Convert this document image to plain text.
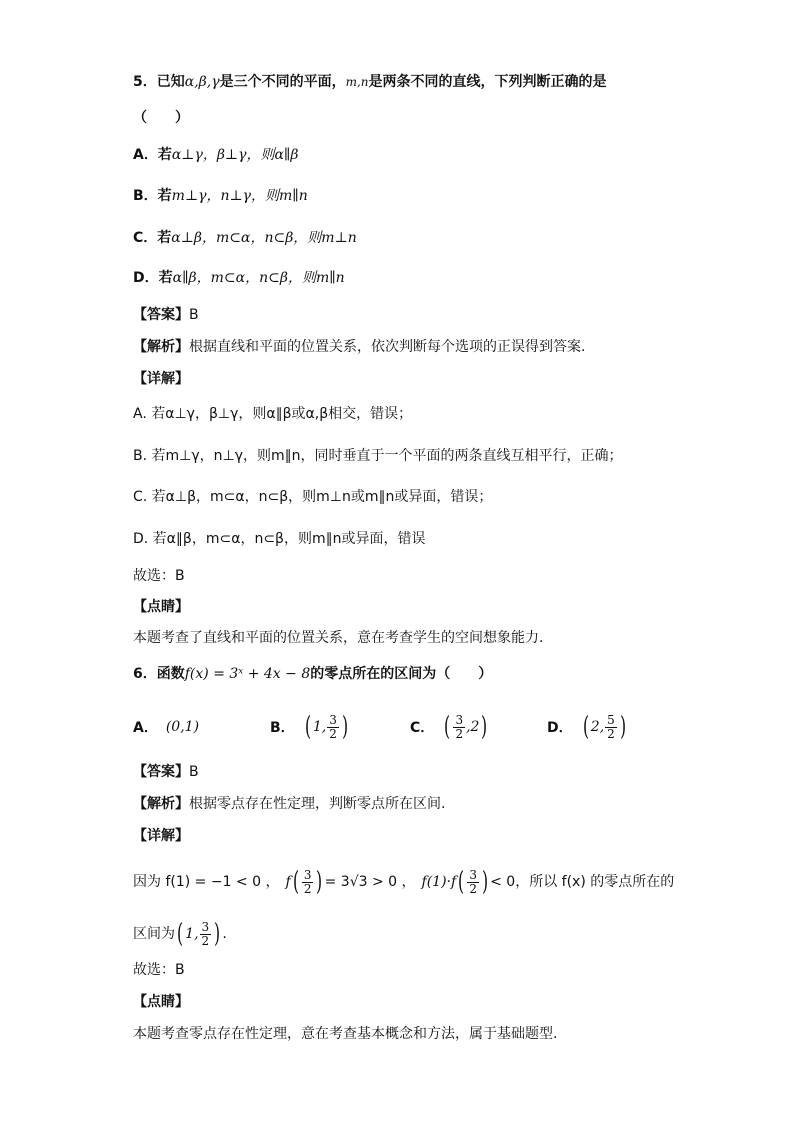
5．已知α,β,γ是三个不同的平面，m,n是两条不同的直线，下列判断正确的是
（　　）
A．若α⊥γ，β⊥γ，则α∥β
B．若m⊥γ，n⊥γ，则m∥n
C．若α⊥β，m⊂α，n⊂β，则m⊥n
D．若α∥β，m⊂α，n⊂β，则m∥n
【答案】B
【解析】根据直线和平面的位置关系，依次判断每个选项的正误得到答案.
【详解】
A. 若α⊥γ，β⊥γ，则α∥β或α,β相交，错误；
B. 若m⊥γ，n⊥γ，则m∥n，同时垂直于一个平面的两条直线互相平行，正确；
C. 若α⊥β，m⊂α，n⊂β，则m⊥n或m∥n或异面，错误；
D. 若α∥β，m⊂α，n⊂β，则m∥n或异面，错误
故选：B
【点睛】
本题考查了直线和平面的位置关系，意在考查学生的空间想象能力.
6．函数f(x) = 3ˣ + 4x − 8的零点所在的区间为（　　）
A． (0,1)	B． ( 1, $\frac{3}{2}$ )	C． ( $\frac{3}{2} ,2$ )	D． ( 2, $\frac{5}{2}$ )
【答案】B
【解析】根据零点存在性定理，判断零点所在区间.
【详解】
因为 f(1) = −1 < 0 ， f ( $\frac{3}{2}$ ) = 3√3 > 0 ， f(1)·f ( $\frac{3}{2}$ ) < 0，所以 f(x) 的零点所在的
区间为 ( 1, $\frac{3}{2}$ ) .
故选：B
【点睛】
本题考查零点存在性定理，意在考查基本概念和方法，属于基础题型.
